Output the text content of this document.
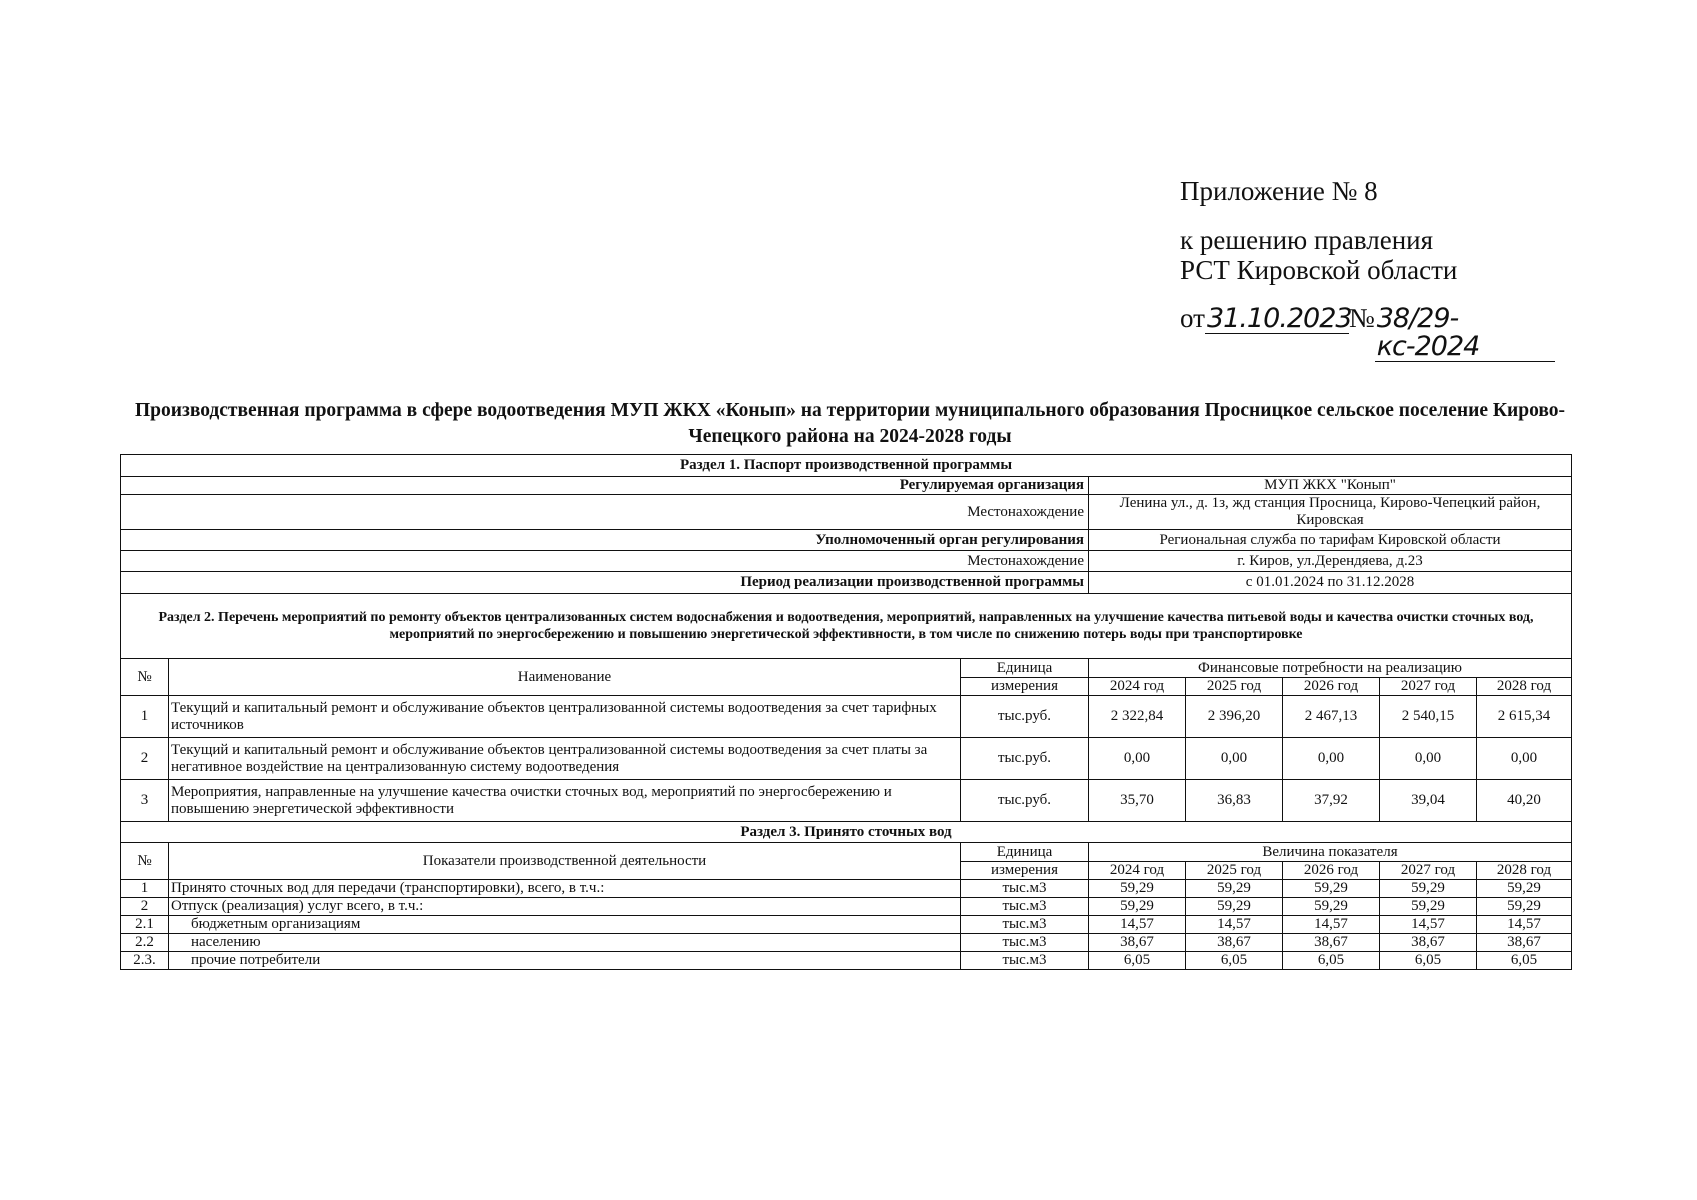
Приложение № 8
к решению правления
РСТ Кировской области
от 31.10.2023
№ 38/29-кс-2024
Производственная программа в сфере водоотведения МУП ЖКХ «Конып» на территории муниципального образования Просницкое сельское поселение Кирово-Чепецкого района на 2024-2028 годы
Раздел 1. Паспорт производственной программы							
Регулируемая организация			МУП ЖКХ "Конып"				
Местонахождение			Ленина ул., д. 1з, жд станция Просница, Кирово-Чепецкий район, Кировская				
Уполномоченный орган регулирования			Региональная служба по тарифам Кировской области				
Местонахождение			г. Киров, ул.Дерендяева, д.23				
Период реализации производственной программы			с 01.01.2024 по 31.12.2028				
Раздел 2. Перечень мероприятий по ремонту объектов централизованных систем водоснабжения и водоотведения, мероприятий, направленных на улучшение качества питьевой воды и качества очистки сточных вод, мероприятий по энергосбережению и повышению энергетической эффективности, в том числе по снижению потерь воды при транспортировке							
№	Наименование	Единица	Финансовые потребности на реализацию				
		измерения	2024 год	2025 год	2026 год	2027 год	2028 год
1	Текущий и капитальный ремонт и обслуживание объектов централизованной системы водоотведения за счет тарифных источников	тыс.руб.	2 322,84	2 396,20	2 467,13	2 540,15	2 615,34
2	Текущий и капитальный ремонт и обслуживание объектов централизованной системы водоотведения за счет платы за негативное воздействие на централизованную систему водоотведения	тыс.руб.	0,00	0,00	0,00	0,00	0,00
3	Мероприятия, направленные на улучшение качества очистки сточных вод, мероприятий по энергосбережению и повышению энергетической эффективности	тыс.руб.	35,70	36,83	37,92	39,04	40,20
Раздел 3. Принято сточных вод							
№	Показатели производственной деятельности	Единица	Величина показателя				
		измерения	2024 год	2025 год	2026 год	2027 год	2028 год
1	Принято сточных вод для передачи (транспортировки), всего, в т.ч.:	тыс.м3	59,29	59,29	59,29	59,29	59,29
2	Отпуск (реализация) услуг всего, в т.ч.:	тыс.м3	59,29	59,29	59,29	59,29	59,29
2.1	бюджетным организациям	тыс.м3	14,57	14,57	14,57	14,57	14,57
2.2	населению	тыс.м3	38,67	38,67	38,67	38,67	38,67
2.3.	прочие потребители	тыс.м3	6,05	6,05	6,05	6,05	6,05
